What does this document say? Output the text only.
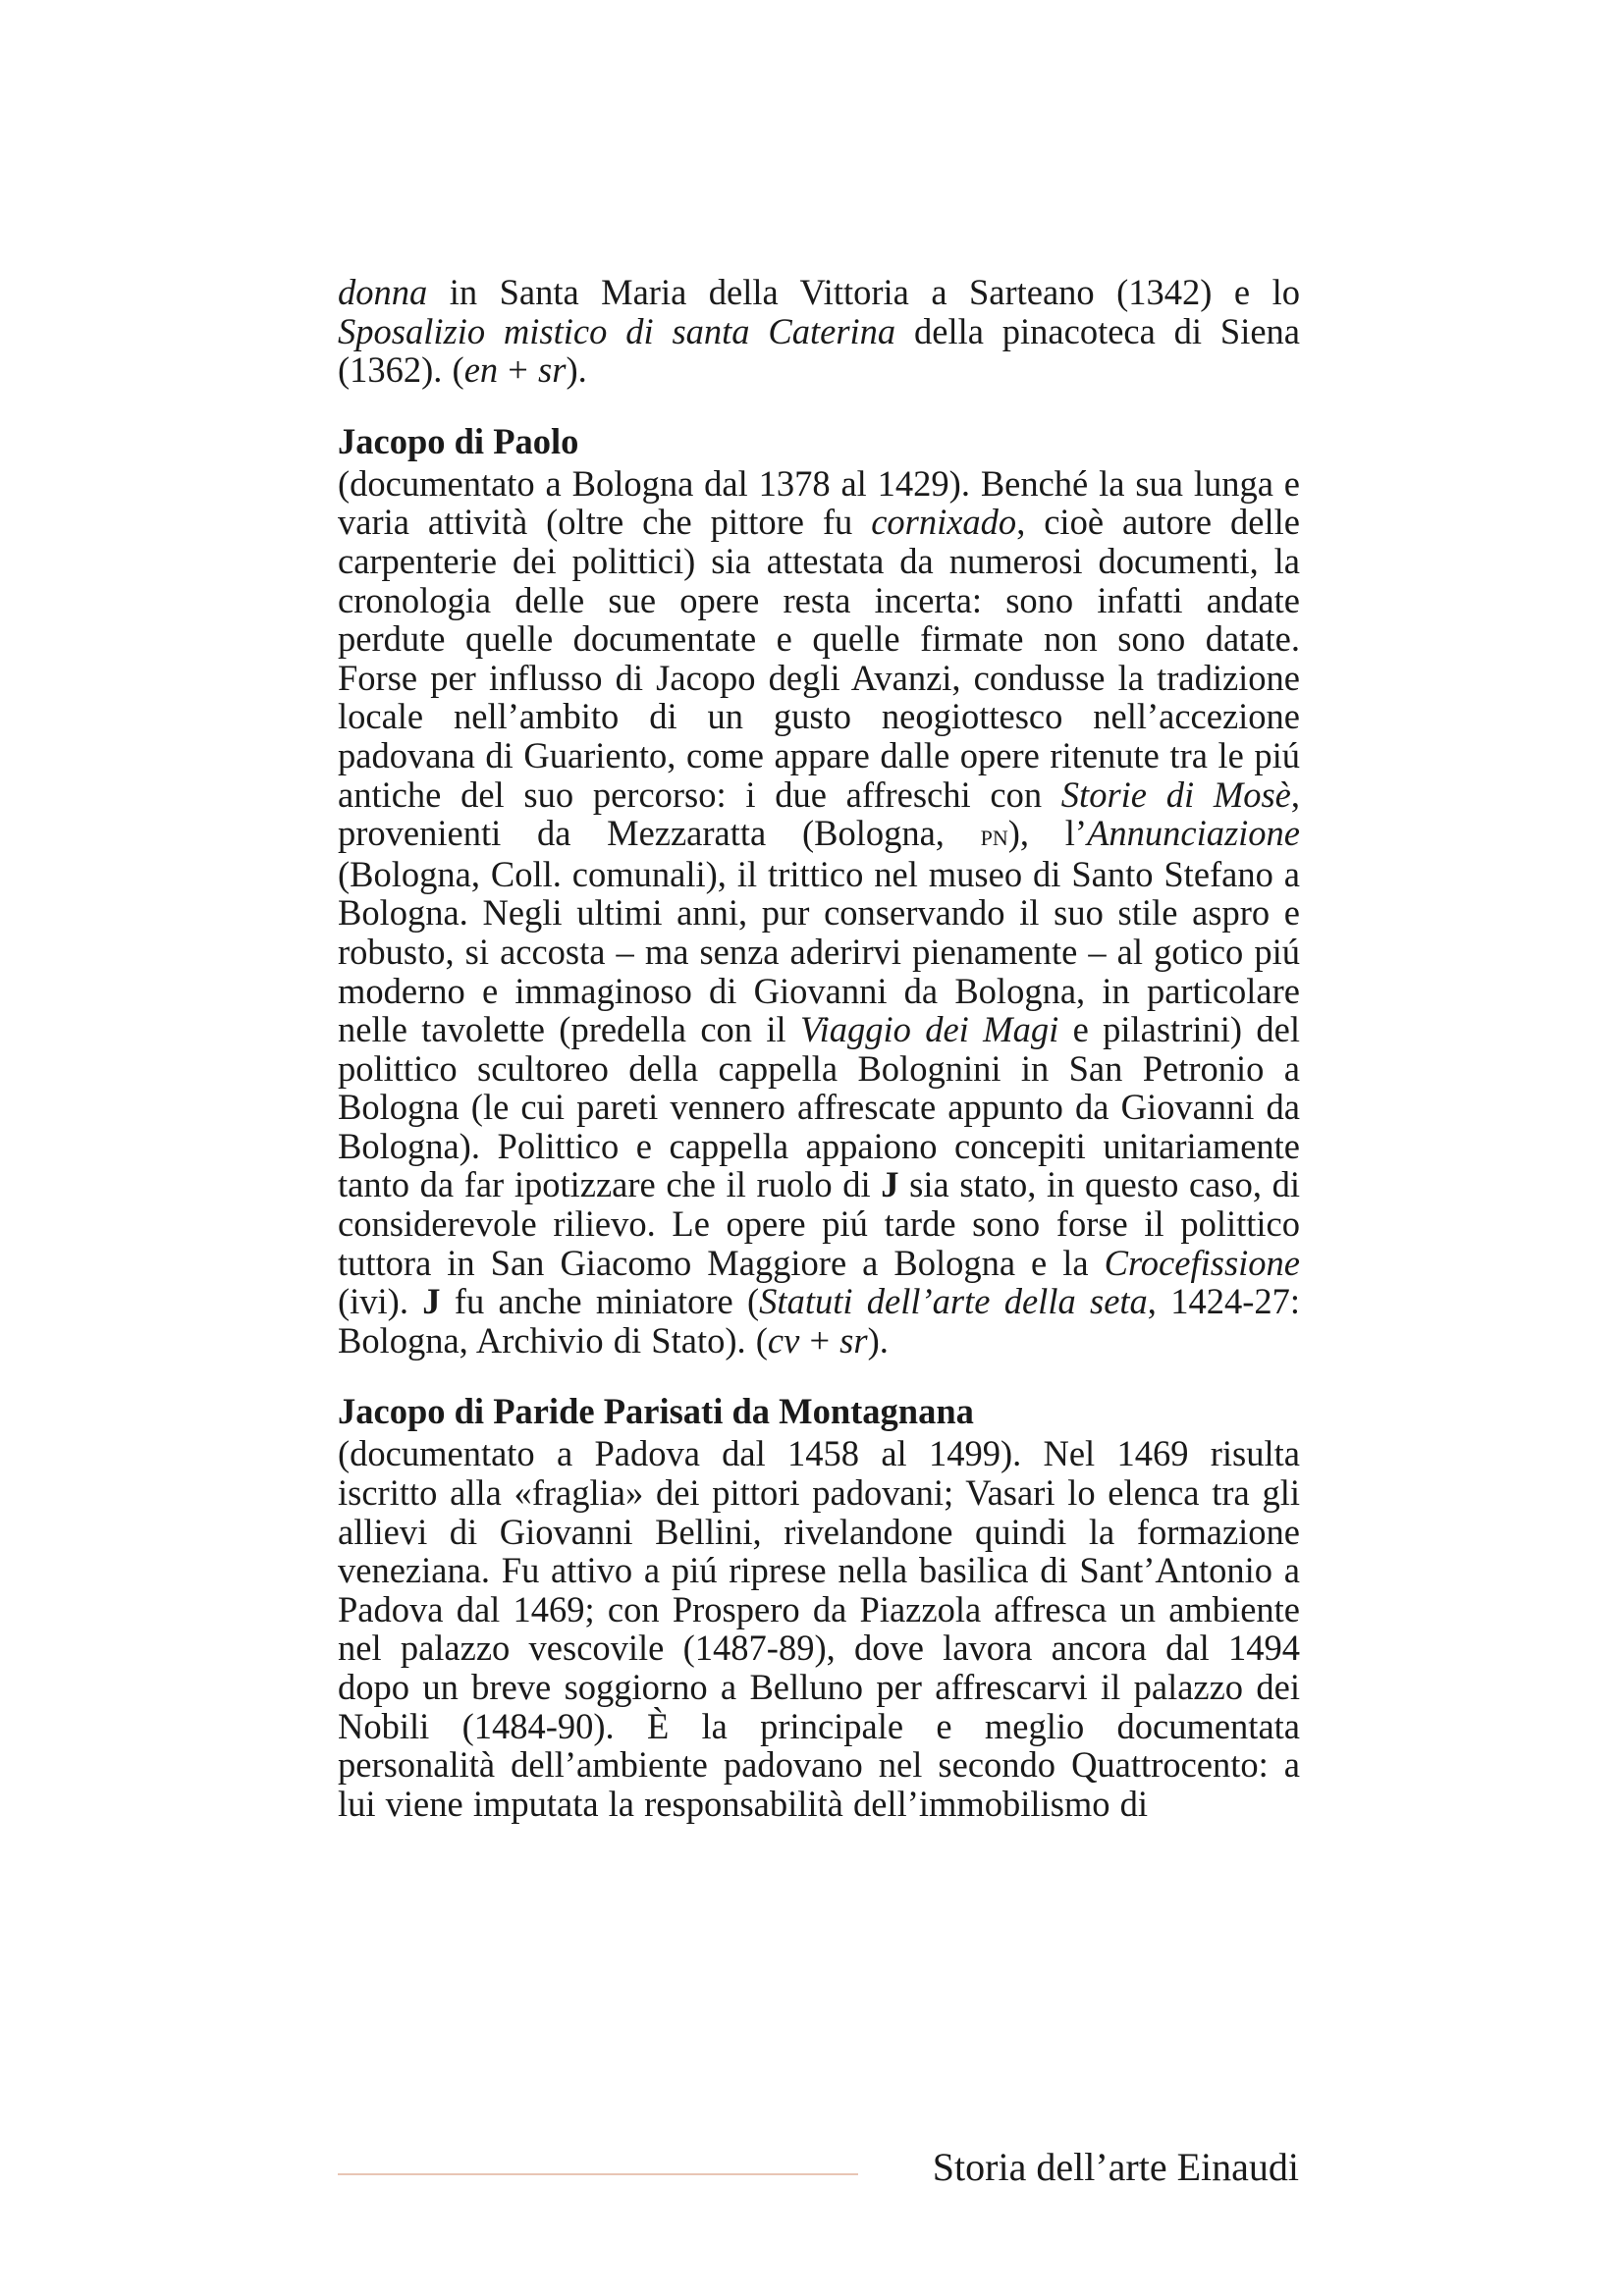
donna in Santa Maria della Vittoria a Sarteano (1342) e lo Sposalizio mistico di santa Caterina della pinacoteca di Siena (1362). (en + sr).

Jacopo di Paolo

(documentato a Bologna dal 1378 al 1429). Benché la sua lunga e varia attività (oltre che pittore fu cornixado, cioè autore delle carpenterie dei polittici) sia attestata da numerosi documenti, la cronologia delle sue opere resta incerta: sono infatti andate perdute quelle documentate e quelle firmate non sono datate. Forse per influsso di Jacopo degli Avanzi, condusse la tradizione locale nell’ambito di un gusto neogiottesco nell’accezione padovana di Guariento, come appare dalle opere ritenute tra le piú antiche del suo percorso: i due affreschi con Storie di Mosè, provenienti da Mezzaratta (Bologna, pn), l’Annunciazione (Bologna, Coll. comunali), il trittico nel museo di Santo Stefano a Bologna. Negli ultimi anni, pur conservando il suo stile aspro e robusto, si accosta – ma senza aderirvi pienamente – al gotico piú moderno e immaginoso di Giovanni da Bologna, in particolare nelle tavolette (predella con il Viaggio dei Magi e pilastrini) del polittico scultoreo della cappella Bolognini in San Petronio a Bologna (le cui pareti vennero affrescate appunto da Giovanni da Bologna). Polittico e cappella appaiono concepiti unitariamente tanto da far ipotizzare che il ruolo di J sia stato, in questo caso, di considerevole rilievo. Le opere piú tarde sono forse il polittico tuttora in San Giacomo Maggiore a Bologna e la Crocefissione (ivi). J fu anche miniatore (Statuti dell’arte della seta, 1424-27: Bologna, Archivio di Stato). (cv + sr).

Jacopo di Paride Parisati da Montagnana

(documentato a Padova dal 1458 al 1499). Nel 1469 risulta iscritto alla «fraglia» dei pittori padovani; Vasari lo elenca tra gli allievi di Giovanni Bellini, rivelandone quindi la formazione veneziana. Fu attivo a piú riprese nella basilica di Sant’Antonio a Padova dal 1469; con Prospero da Piazzola affresca un ambiente nel palazzo vescovile (1487-89), dove lavora ancora dal 1494 dopo un breve soggiorno a Belluno per affrescarvi il palazzo dei Nobili (1484-90). È la principale e meglio documentata personalità dell’ambiente padovano nel secondo Quattrocento: a lui viene imputata la responsabilità dell’immobilismo di

Storia dell’arte Einaudi
